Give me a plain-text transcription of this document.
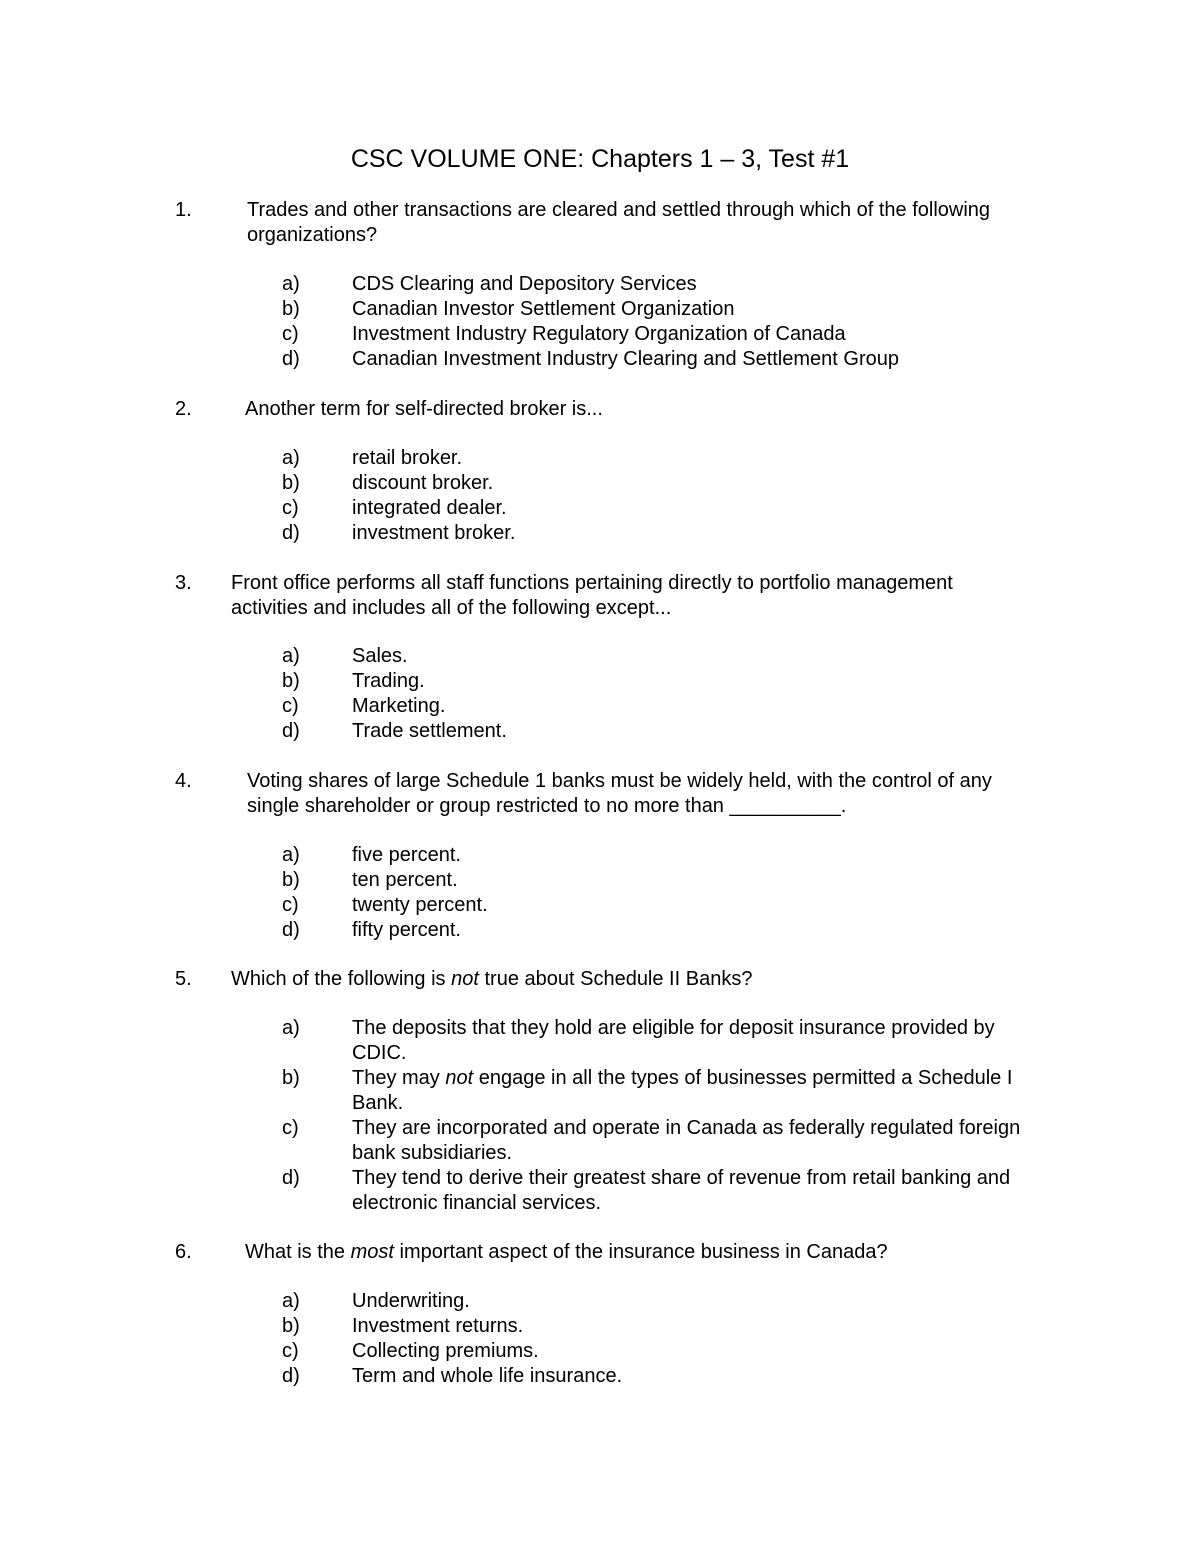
CSC VOLUME ONE: Chapters 1 – 3, Test #1
1.	Trades and other transactions are cleared and settled through which of the following organizations?
a)	CDS Clearing and Depository Services
b)	Canadian Investor Settlement Organization
c)	Investment Industry Regulatory Organization of Canada
d)	Canadian Investment Industry Clearing and Settlement Group
2.	Another term for self-directed broker is...
a)	retail broker.
b)	discount broker.
c)	integrated dealer.
d)	investment broker.
3. Front office performs all staff functions pertaining directly to portfolio management activities and includes all of the following except...
a)	Sales.
b)	Trading.
c)	Marketing.
d)	Trade settlement.
4.	Voting shares of large Schedule 1 banks must be widely held, with the control of any single shareholder or group restricted to no more than __________.
a)	five percent.
b)	ten percent.
c)	twenty percent.
d)	fifty percent.
5. Which of the following is not true about Schedule II Banks?
a)	The deposits that they hold are eligible for deposit insurance provided by CDIC.
b)	They may not engage in all the types of businesses permitted a Schedule I Bank.
c)	They are incorporated and operate in Canada as federally regulated foreign bank subsidiaries.
d)	They tend to derive their greatest share of revenue from retail banking and electronic financial services.
6.	What is the most important aspect of the insurance business in Canada?
a)	Underwriting.
b)	Investment returns.
c)	Collecting premiums.
d)	Term and whole life insurance.
